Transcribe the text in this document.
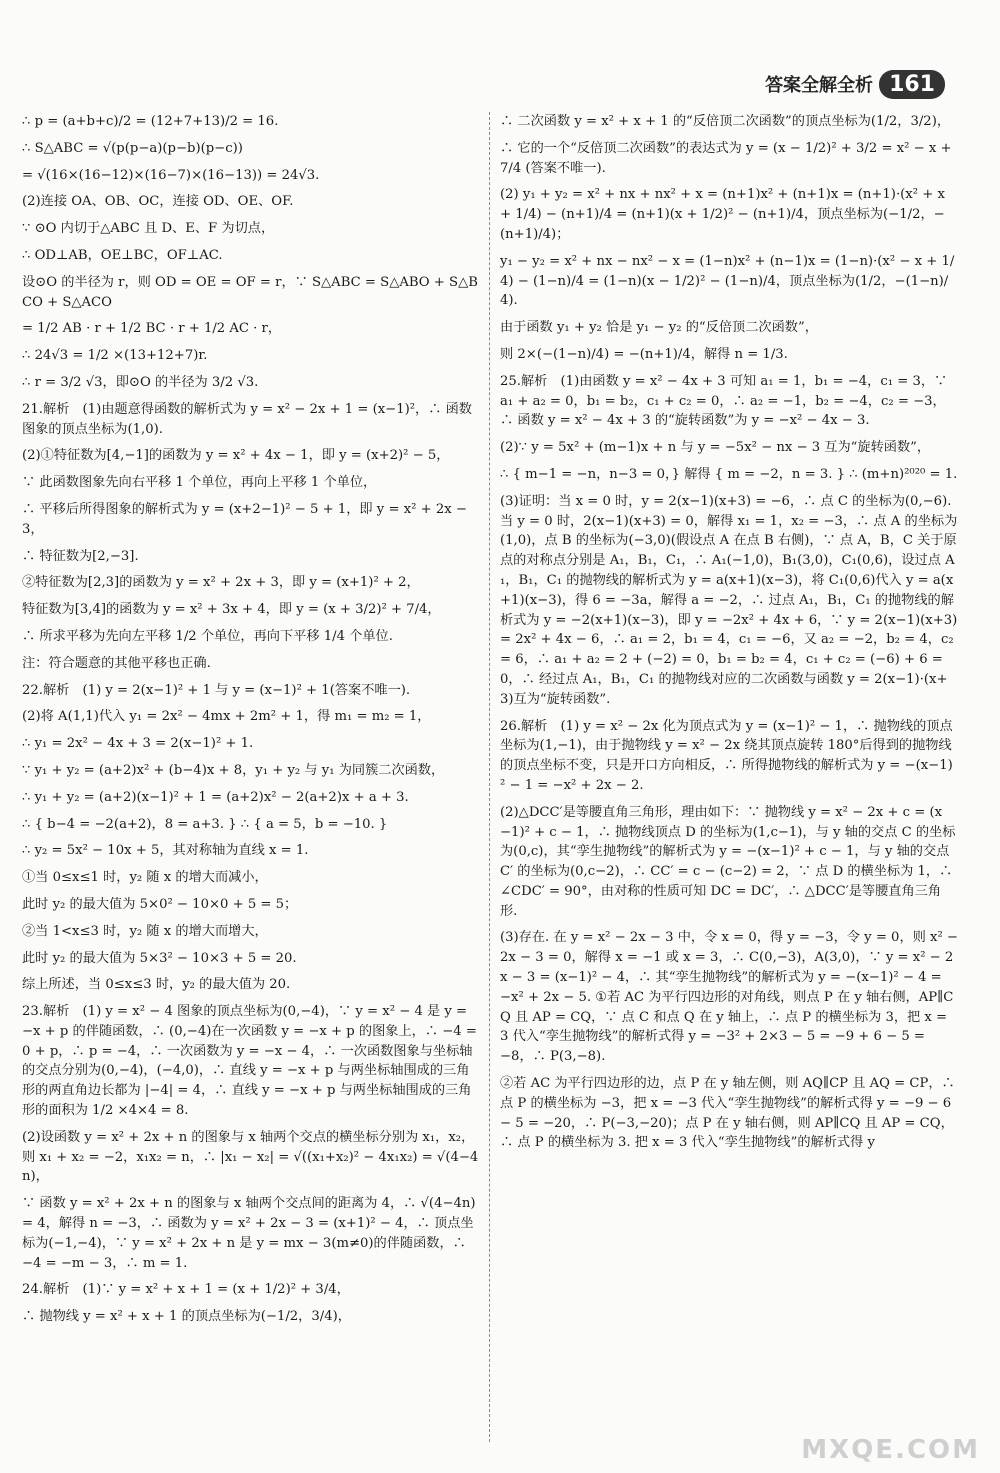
答案全解全析 161
∴ p = (a+b+c)/2 = (12+7+13)/2 = 16.
∴ S△ABC = √(p(p−a)(p−b)(p−c))
= √(16×(16−12)×(16−7)×(16−13)) = 24√3.
(2)连接 OA、OB、OC，连接 OD、OE、OF.
∵ ⊙O 内切于△ABC 且 D、E、F 为切点，
∴ OD⊥AB，OE⊥BC，OF⊥AC.
设⊙O 的半径为 r，则 OD = OE = OF = r，∵ S△ABC = S△ABO + S△BCO + S△ACO
= 1/2 AB · r + 1/2 BC · r + 1/2 AC · r，
∴ 24√3 = 1/2 ×(13+12+7)r.
∴ r = 3/2 √3，即⊙O 的半径为 3/2 √3.
21.解析　(1)由题意得函数的解析式为 y = x² − 2x + 1 = (x−1)²，∴ 函数图象的顶点坐标为(1,0).
(2)①特征数为[4,−1]的函数为 y = x² + 4x − 1，即 y = (x+2)² − 5，
∵ 此函数图象先向右平移 1 个单位，再向上平移 1 个单位，
∴ 平移后所得图象的解析式为 y = (x+2−1)² − 5 + 1，即 y = x² + 2x − 3，
∴ 特征数为[2,−3].
②特征数为[2,3]的函数为 y = x² + 2x + 3，即 y = (x+1)² + 2，
特征数为[3,4]的函数为 y = x² + 3x + 4，即 y = (x + 3/2)² + 7/4，
∴ 所求平移为先向左平移 1/2 个单位，再向下平移 1/4 个单位.
注：符合题意的其他平移也正确.
22.解析　(1) y = 2(x−1)² + 1 与 y = (x−1)² + 1(答案不唯一).
(2)将 A(1,1)代入 y₁ = 2x² − 4mx + 2m² + 1，得 m₁ = m₂ = 1，
∴ y₁ = 2x² − 4x + 3 = 2(x−1)² + 1.
∵ y₁ + y₂ = (a+2)x² + (b−4)x + 8，y₁ + y₂ 与 y₁ 为同簇二次函数，
∴ y₁ + y₂ = (a+2)(x−1)² + 1 = (a+2)x² − 2(a+2)x + a + 3.
∴ { b−4 = −2(a+2)，8 = a+3. } ∴ { a = 5，b = −10. }
∴ y₂ = 5x² − 10x + 5，其对称轴为直线 x = 1.
①当 0≤x≤1 时，y₂ 随 x 的增大而减小，
此时 y₂ 的最大值为 5×0² − 10×0 + 5 = 5；
②当 1<x≤3 时，y₂ 随 x 的增大而增大，
此时 y₂ 的最大值为 5×3² − 10×3 + 5 = 20.
综上所述，当 0≤x≤3 时，y₂ 的最大值为 20.
23.解析　(1) y = x² − 4 图象的顶点坐标为(0,−4)，∵ y = x² − 4 是 y = −x + p 的伴随函数，∴ (0,−4)在一次函数 y = −x + p 的图象上，∴ −4 = 0 + p，∴ p = −4，∴ 一次函数为 y = −x − 4，∴ 一次函数图象与坐标轴的交点分别为(0,−4)，(−4,0)，∴ 直线 y = −x + p 与两坐标轴围成的三角形的两直角边长都为 |−4| = 4，∴ 直线 y = −x + p 与两坐标轴围成的三角形的面积为 1/2 ×4×4 = 8.
(2)设函数 y = x² + 2x + n 的图象与 x 轴两个交点的横坐标分别为 x₁，x₂，则 x₁ + x₂ = −2，x₁x₂ = n，∴ |x₁ − x₂| = √((x₁+x₂)² − 4x₁x₂) = √(4−4n)，
∵ 函数 y = x² + 2x + n 的图象与 x 轴两个交点间的距离为 4，∴ √(4−4n) = 4，解得 n = −3，∴ 函数为 y = x² + 2x − 3 = (x+1)² − 4，∴ 顶点坐标为(−1,−4)，∵ y = x² + 2x + n 是 y = mx − 3(m≠0)的伴随函数，∴ −4 = −m − 3，∴ m = 1.
24.解析　(1)∵ y = x² + x + 1 = (x + 1/2)² + 3/4，
∴ 抛物线 y = x² + x + 1 的顶点坐标为(−1/2，3/4)，
∴ 二次函数 y = x² + x + 1 的“反倍顶二次函数”的顶点坐标为(1/2，3/2)，
∴ 它的一个“反倍顶二次函数”的表达式为 y = (x − 1/2)² + 3/2 = x² − x + 7/4 (答案不唯一).
(2) y₁ + y₂ = x² + nx + nx² + x = (n+1)x² + (n+1)x = (n+1)·(x² + x + 1/4) − (n+1)/4 = (n+1)(x + 1/2)² − (n+1)/4，顶点坐标为(−1/2，−(n+1)/4)；
y₁ − y₂ = x² + nx − nx² − x = (1−n)x² + (n−1)x = (1−n)·(x² − x + 1/4) − (1−n)/4 = (1−n)(x − 1/2)² − (1−n)/4，顶点坐标为(1/2，−(1−n)/4).
由于函数 y₁ + y₂ 恰是 y₁ − y₂ 的“反倍顶二次函数”，
则 2×(−(1−n)/4) = −(n+1)/4，解得 n = 1/3.
25.解析　(1)由函数 y = x² − 4x + 3 可知 a₁ = 1，b₁ = −4，c₁ = 3，∵ a₁ + a₂ = 0，b₁ = b₂，c₁ + c₂ = 0，∴ a₂ = −1，b₂ = −4，c₂ = −3，∴ 函数 y = x² − 4x + 3 的“旋转函数”为 y = −x² − 4x − 3.
(2)∵ y = 5x² + (m−1)x + n 与 y = −5x² − nx − 3 互为“旋转函数”，
∴ { m−1 = −n，n−3 = 0，} 解得 { m = −2，n = 3. } ∴ (m+n)²⁰²⁰ = 1.
(3)证明：当 x = 0 时，y = 2(x−1)(x+3) = −6，∴ 点 C 的坐标为(0,−6). 当 y = 0 时，2(x−1)(x+3) = 0，解得 x₁ = 1，x₂ = −3，∴ 点 A 的坐标为(1,0)，点 B 的坐标为(−3,0)(假设点 A 在点 B 右侧)，∵ 点 A，B，C 关于原点的对称点分别是 A₁，B₁，C₁，∴ A₁(−1,0)，B₁(3,0)，C₁(0,6)，设过点 A₁，B₁，C₁ 的抛物线的解析式为 y = a(x+1)(x−3)，将 C₁(0,6)代入 y = a(x+1)(x−3)，得 6 = −3a，解得 a = −2，∴ 过点 A₁，B₁，C₁ 的抛物线的解析式为 y = −2(x+1)(x−3)，即 y = −2x² + 4x + 6，∵ y = 2(x−1)(x+3) = 2x² + 4x − 6，∴ a₁ = 2，b₁ = 4，c₁ = −6，又 a₂ = −2，b₂ = 4，c₂ = 6，∴ a₁ + a₂ = 2 + (−2) = 0，b₁ = b₂ = 4，c₁ + c₂ = (−6) + 6 = 0，∴ 经过点 A₁，B₁，C₁ 的抛物线对应的二次函数与函数 y = 2(x−1)·(x+3)互为“旋转函数”.
26.解析　(1) y = x² − 2x 化为顶点式为 y = (x−1)² − 1，∴ 抛物线的顶点坐标为(1,−1)，由于抛物线 y = x² − 2x 绕其顶点旋转 180°后得到的抛物线的顶点坐标不变，只是开口方向相反，∴ 所得抛物线的解析式为 y = −(x−1)² − 1 = −x² + 2x − 2.
(2)△DCC′是等腰直角三角形，理由如下：∵ 抛物线 y = x² − 2x + c = (x−1)² + c − 1，∴ 抛物线顶点 D 的坐标为(1,c−1)，与 y 轴的交点 C 的坐标为(0,c)，其“孪生抛物线”的解析式为 y = −(x−1)² + c − 1，与 y 轴的交点 C′ 的坐标为(0,c−2)，∴ CC′ = c − (c−2) = 2，∵ 点 D 的横坐标为 1，∴ ∠CDC′ = 90°，由对称的性质可知 DC = DC′，∴ △DCC′是等腰直角三角形.
(3)存在. 在 y = x² − 2x − 3 中，令 x = 0，得 y = −3，令 y = 0，则 x² − 2x − 3 = 0，解得 x = −1 或 x = 3，∴ C(0,−3)，A(3,0)，∵ y = x² − 2x − 3 = (x−1)² − 4，∴ 其“孪生抛物线”的解析式为 y = −(x−1)² − 4 = −x² + 2x − 5. ①若 AC 为平行四边形的对角线，则点 P 在 y 轴右侧，AP∥CQ 且 AP = CQ，∵ 点 C 和点 Q 在 y 轴上，∴ 点 P 的横坐标为 3，把 x = 3 代入“孪生抛物线”的解析式得 y = −3² + 2×3 − 5 = −9 + 6 − 5 = −8，∴ P(3,−8).
②若 AC 为平行四边形的边，点 P 在 y 轴左侧，则 AQ∥CP 且 AQ = CP，∴ 点 P 的横坐标为 −3，把 x = −3 代入“孪生抛物线”的解析式得 y = −9 − 6 − 5 = −20，∴ P(−3,−20)；点 P 在 y 轴右侧，则 AP∥CQ 且 AP = CQ，∴ 点 P 的横坐标为 3. 把 x = 3 代入“孪生抛物线”的解析式得 y
MXQE.COM
